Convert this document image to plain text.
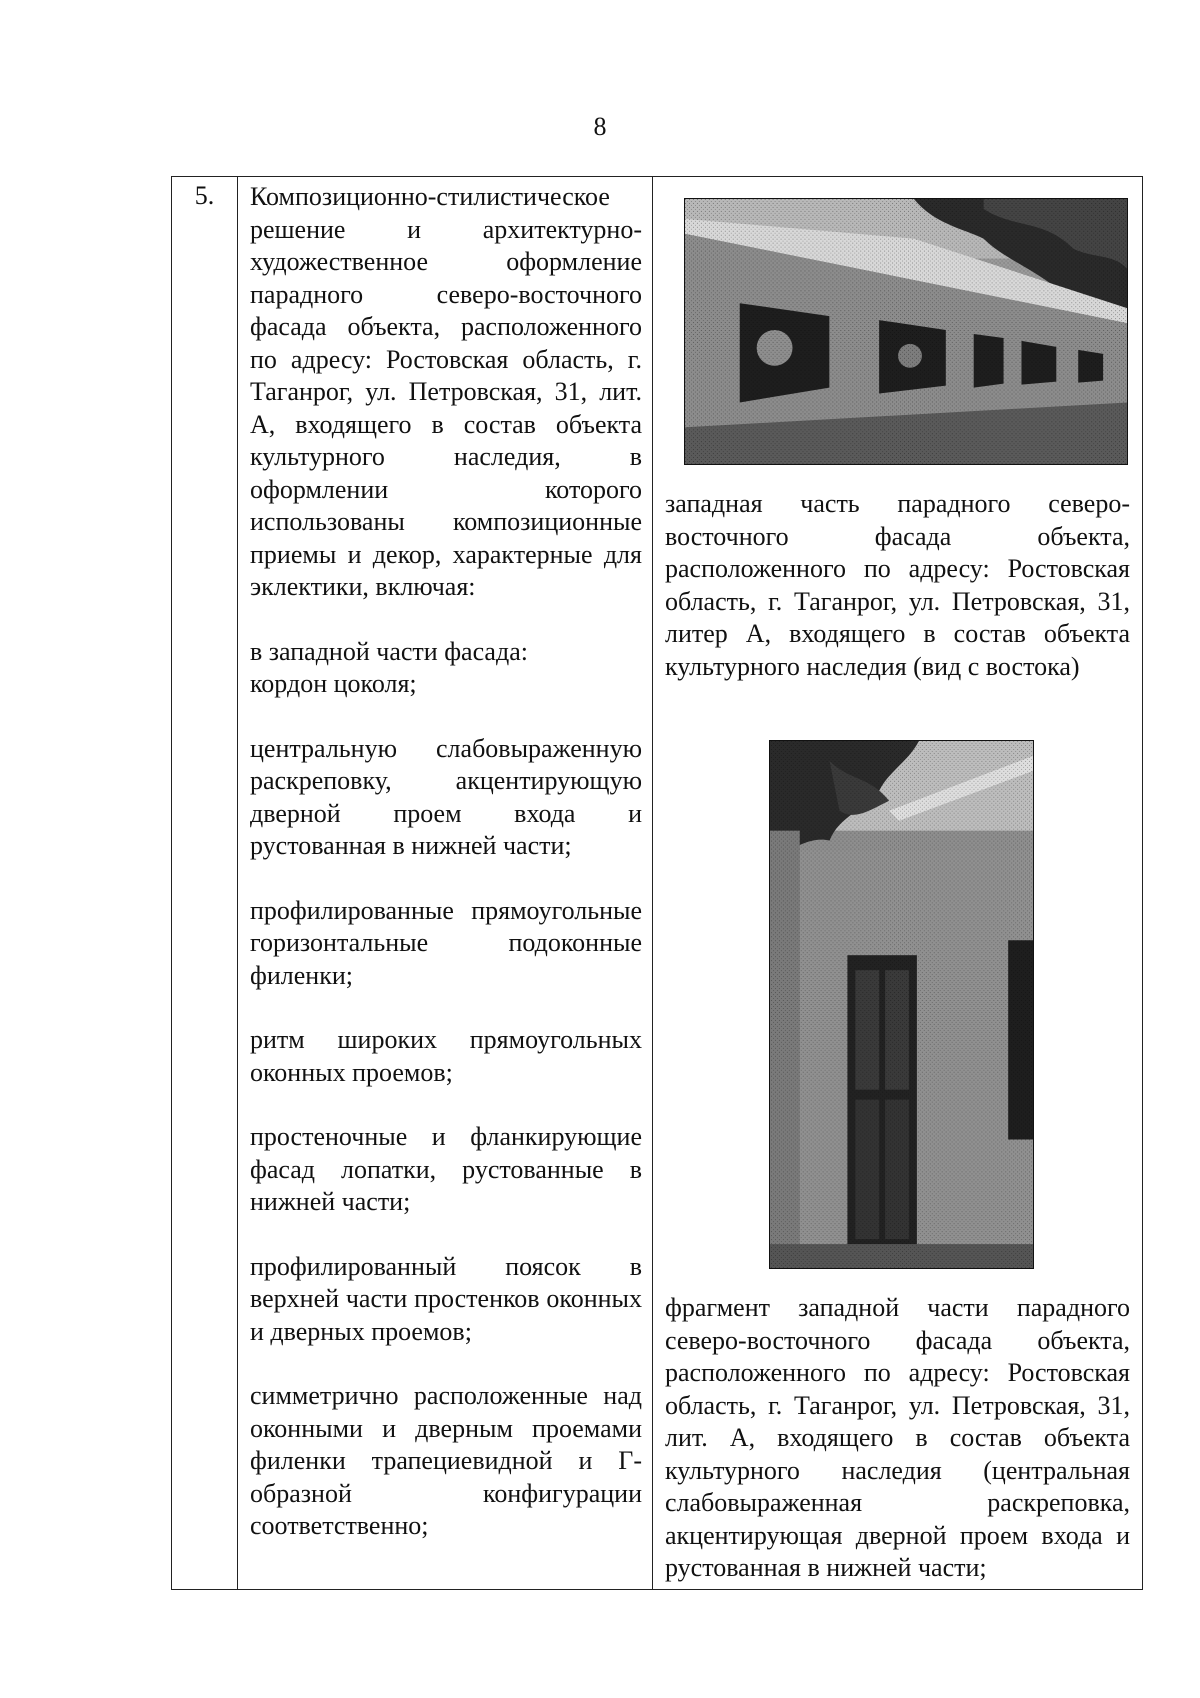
8
5.	Композиционно-стилистическое решение и архитектурно-художественное оформление парадного северо-восточного фасада объекта, расположенного по адресу: Ростовская область, г. Таганрог, ул. Петровская, 31, лит. А, входящего в состав объекта культурного наследия, в оформлении которого использованы композиционные приемы и декор, характерные для эклектики, включая:

в западной части фасада:

кордон цоколя;

центральную слабовыраженную раскреповку, акцентирующую дверной проем входа и рустованная в нижней части;

профилированные прямоугольные горизонтальные подоконные филенки;

ритм широких прямоугольных оконных проемов;

простеночные и фланкирующие фасад лопатки, рустованные в нижней части;

профилированный поясок в верхней части простенков оконных и дверных проемов;

симметрично расположенные над оконными и дверным проемами филенки трапециевидной и Г-образной конфигурации соответственно;

западная часть парадного северо-восточного фасада объекта, расположенного по адресу: Ростовская область, г. Таганрог, ул. Петровская, 31, литер А, входящего в состав объекта культурного наследия (вид с востока)

фрагмент западной части парадного северо-восточного фасада объекта, расположенного по адресу: Ростовская область, г. Таганрог, ул. Петровская, 31, лит. А, входящего в состав объекта культурного наследия (центральная слабовыраженная раскреповка, акцентирующая дверной проем входа и рустованная в нижней части;
